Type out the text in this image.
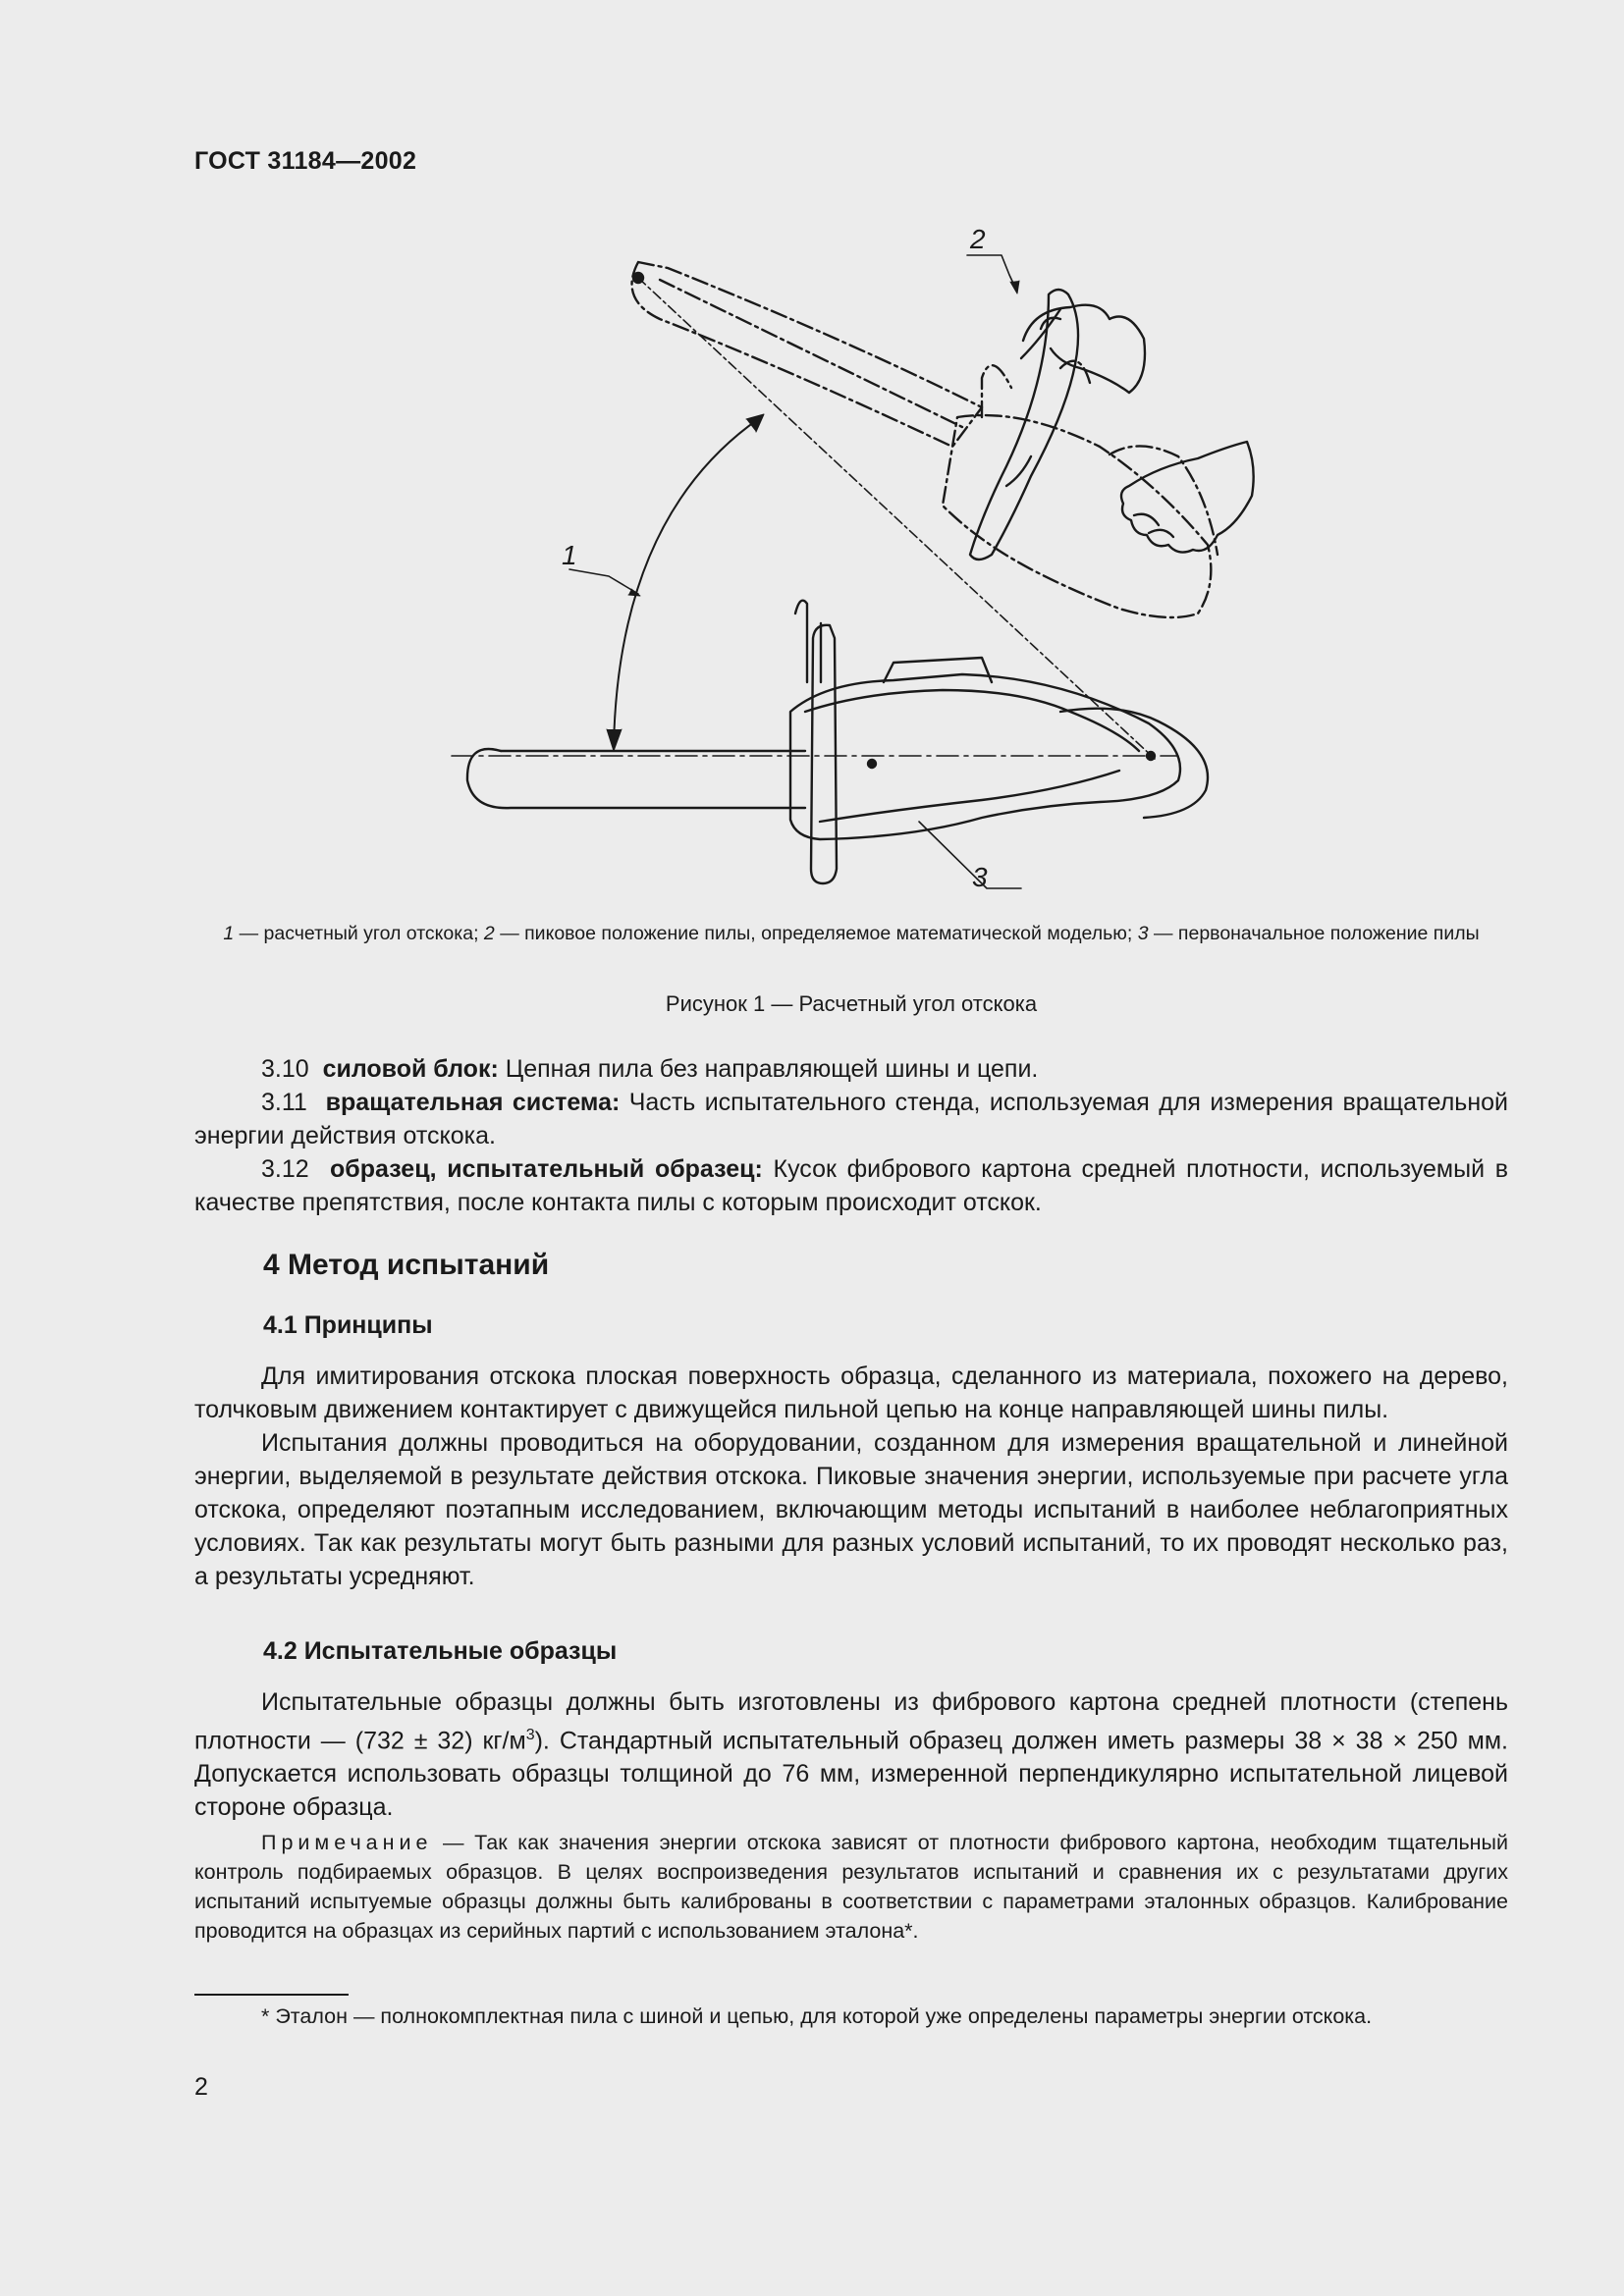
ГОСТ 31184—2002
1
2
3
1 — расчетный угол отскока; 2 — пиковое положение пилы, определяемое математической моделью; 3 — первоначальное положение пилы
Рисунок 1 — Расчетный угол отскока

3.10 силовой блок: Цепная пила без направляющей шины и цепи.

3.11 вращательная система: Часть испытательного стенда, используемая для измерения вращательной энергии действия отскока.

3.12 образец, испытательный образец: Кусок фибрового картона средней плотности, используемый в качестве препятствия, после контакта пилы с которым происходит отскок.

4 Метод испытаний
4.1 Принципы

Для имитирования отскока плоская поверхность образца, сделанного из материала, похожего на дерево, толчковым движением контактирует с движущейся пильной цепью на конце направляющей шины пилы.

Испытания должны проводиться на оборудовании, созданном для измерения вращательной и линейной энергии, выделяемой в результате действия отскока. Пиковые значения энергии, используемые при расчете угла отскока, определяют поэтапным исследованием, включающим методы испытаний в наиболее неблагоприятных условиях. Так как результаты могут быть разными для разных условий испытаний, то их проводят несколько раз, а результаты усредняют.

4.2 Испытательные образцы

Испытательные образцы должны быть изготовлены из фибрового картона средней плотности (степень плотности — (732 ± 32) $кг/м^3$). Стандартный испытательный образец должен иметь размеры 38 × 38 × 250 мм. Допускается использовать образцы толщиной до 76 мм, измеренной перпендикулярно испытательной лицевой стороне образца.

Примечание — Так как значения энергии отскока зависят от плотности фибрового картона, необходим тщательный контроль подбираемых образцов. В целях воспроизведения результатов испытаний и сравнения их с результатами других испытаний испытуемые образцы должны быть калиброваны в соответствии с параметрами эталонных образцов. Калибрование проводится на образцах из серийных партий с использованием эталона*.

* Эталон — полнокомплектная пила с шиной и цепью, для которой уже определены параметры энергии отскока.

2
